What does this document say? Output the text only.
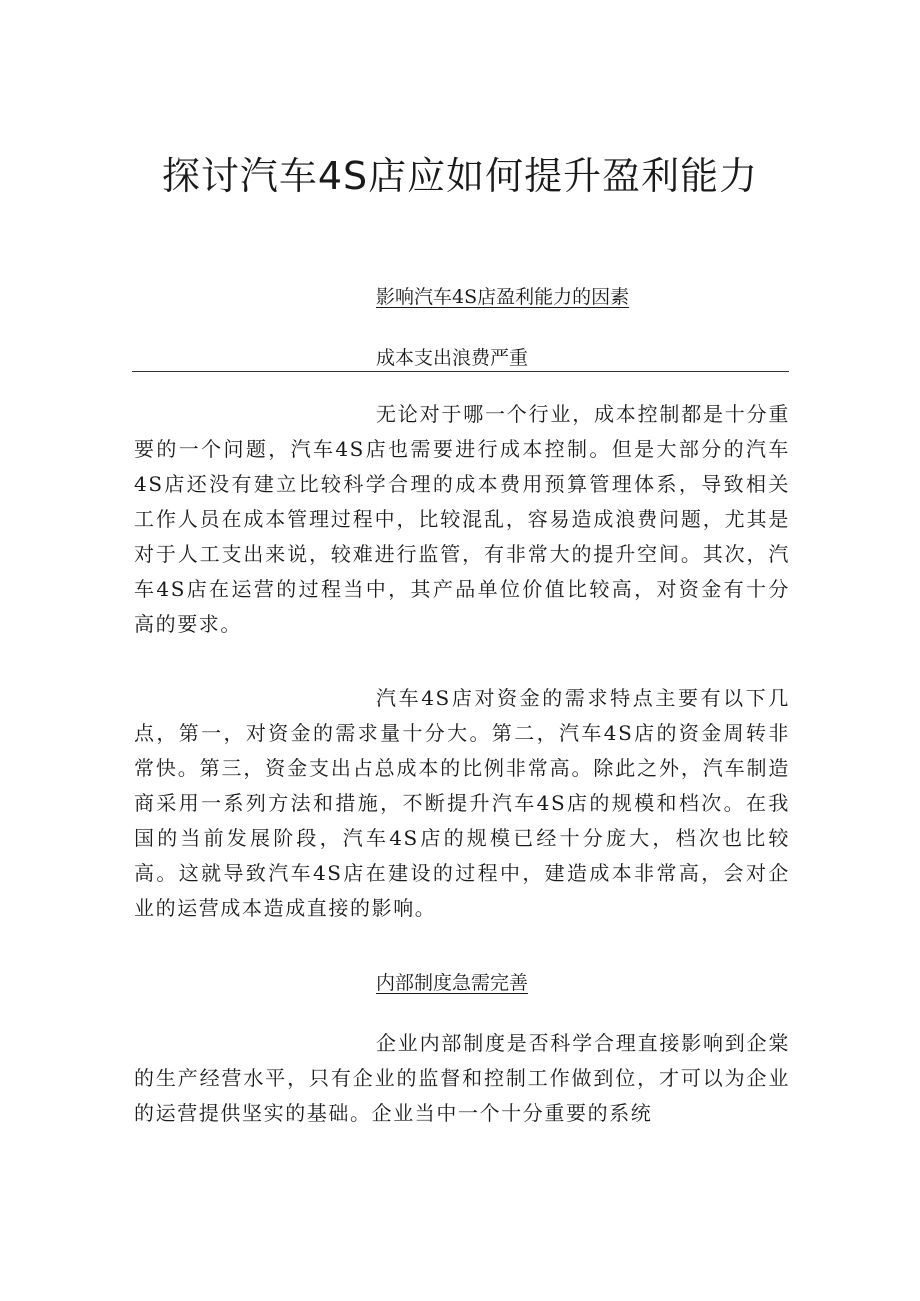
探讨汽车4S店应如何提升盈利能力
影响汽车4S店盈利能力的因素
成本支出浪费严重

无论对于哪一个行业，成本控制都是十分重要的一个问题，汽车4S店也需要进行成本控制。但是大部分的汽车4S店还没有建立比较科学合理的成本费用预算管理体系，导致相关工作人员在成本管理过程中，比较混乱，容易造成浪费问题，尤其是对于人工支出来说，较难进行监管，有非常大的提升空间。其次，汽车4S店在运营的过程当中，其产品单位价值比较高，对资金有十分高的要求。

汽车4S店对资金的需求特点主要有以下几点，第一，对资金的需求量十分大。第二，汽车4S店的资金周转非常快。第三，资金支出占总成本的比例非常高。除此之外，汽车制造商采用一系列方法和措施，不断提升汽车4S店的规模和档次。在我国的当前发展阶段，汽车4S店的规模已经十分庞大，档次也比较高。这就导致汽车4S店在建设的过程中，建造成本非常高，会对企业的运营成本造成直接的影响。

内部制度急需完善

企业内部制度是否科学合理直接影响到企棠的生产经营水平，只有企业的监督和控制工作做到位，才可以为企业的运营提供坚实的基础。企业当中一个十分重要的系统
